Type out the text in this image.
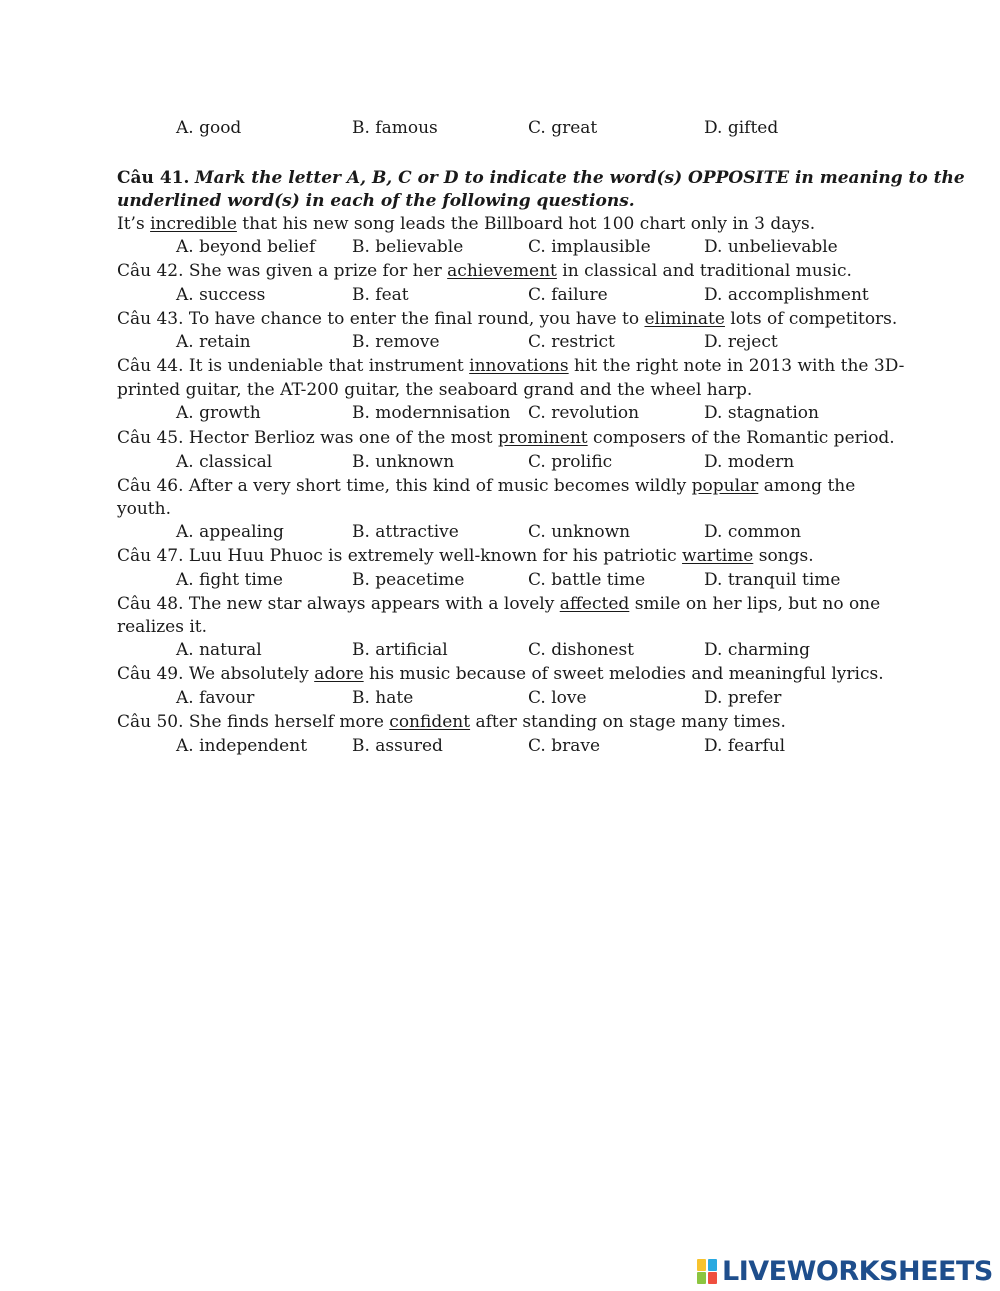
A. good	B. famous	C. great	D. gifted
Câu 41. Mark the letter A, B, C or D to indicate the word(s) OPPOSITE in meaning to the
underlined word(s) in each of the following questions.
It’s incredible that his new song leads the Billboard hot 100 chart only in 3 days.
A. beyond belief B. believable	C. implausible	D. unbelievable
Câu 42. She was given a prize for her achievement in classical and traditional music.
A. success	B. feat	C. failure	D. accomplishment
Câu 43. To have chance to enter the final round, you have to eliminate lots of competitors.
A. retain	B. remove	C. restrict	D. reject
Câu 44. It is undeniable that instrument innovations hit the right note in 2013 with the 3D-
printed guitar, the AT-200 guitar, the seaboard grand and the wheel harp.
A. growth	B. modernnisation C. revolution	D. stagnation
Câu 45. Hector Berlioz was one of the most prominent composers of the Romantic period.
A. classical	B. unknown	C. prolific	D. modern
Câu 46. After a very short time, this kind of music becomes wildly popular among the
youth.
A. appealing	B. attractive	C. unknown	D. common
Câu 47. Luu Huu Phuoc is extremely well-known for his patriotic wartime songs.
A. fight time	B. peacetime	C. battle time	D. tranquil time
Câu 48. The new star always appears with a lovely affected smile on her lips, but no one
realizes it.
A. natural	B. artificial	C. dishonest	D. charming
Câu 49. We absolutely adore his music because of sweet melodies and meaningful lyrics.
A. favour	B. hate	C. love	D. prefer
Câu 50. She finds herself more confident after standing on stage many times.
A. independent	B. assured	C. brave	D. fearful
LIVEWORKSHEETS
